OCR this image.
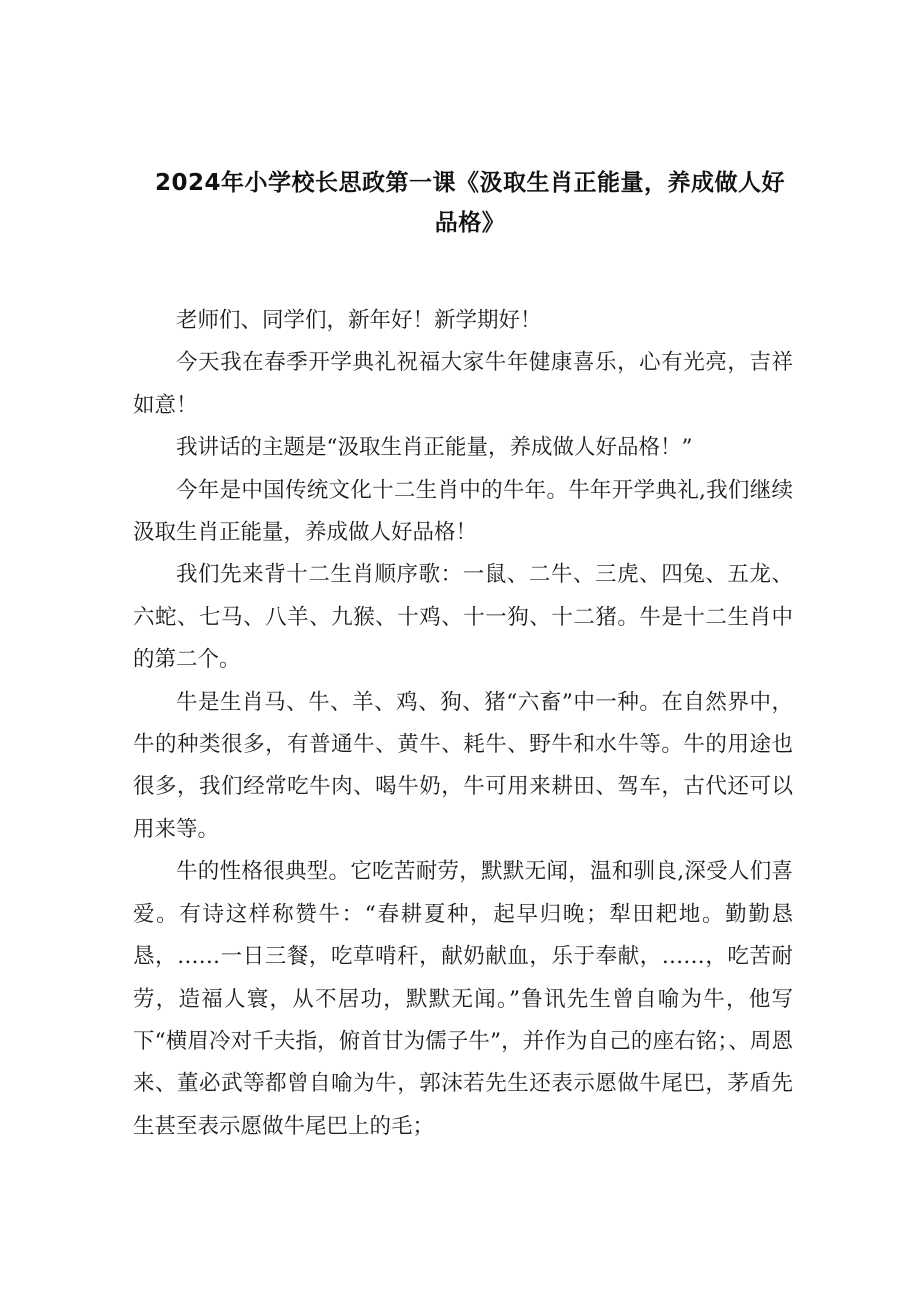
2024年小学校长思政第一课《汲取生肖正能量，养成做人好
品格》

老师们、同学们，新年好！新学期好！

今天我在春季开学典礼祝福大家牛年健康喜乐，心有光亮，吉祥如意！

我讲话的主题是“汲取生肖正能量，养成做人好品格！”

今年是中国传统文化十二生肖中的牛年。牛年开学典礼,我们继续汲取生肖正能量，养成做人好品格！

我们先来背十二生肖顺序歌：一鼠、二牛、三虎、四兔、五龙、六蛇、七马、八羊、九猴、十鸡、十一狗、十二猪。牛是十二生肖中的第二个。

牛是生肖马、牛、羊、鸡、狗、猪“六畜”中一种。在自然界中，牛的种类很多，有普通牛、黄牛、耗牛、野牛和水牛等。牛的用途也很多，我们经常吃牛肉、喝牛奶，牛可用来耕田、驾车，古代还可以用来等。

牛的性格很典型。它吃苦耐劳，默默无闻，温和驯良,深受人们喜爱。有诗这样称赞牛：“春耕夏种，起早归晚；犁田耙地。勤勤恳恳，……一日三餐，吃草啃秆，献奶献血，乐于奉献，……，吃苦耐劳，造福人寰，从不居功，默默无闻。”鲁讯先生曾自喻为牛，他写下“横眉冷对千夫指，俯首甘为儒子牛”，并作为自己的座右铭；、周恩来、董必武等都曾自喻为牛，郭沫若先生还表示愿做牛尾巴，茅盾先生甚至表示愿做牛尾巴上的毛；
